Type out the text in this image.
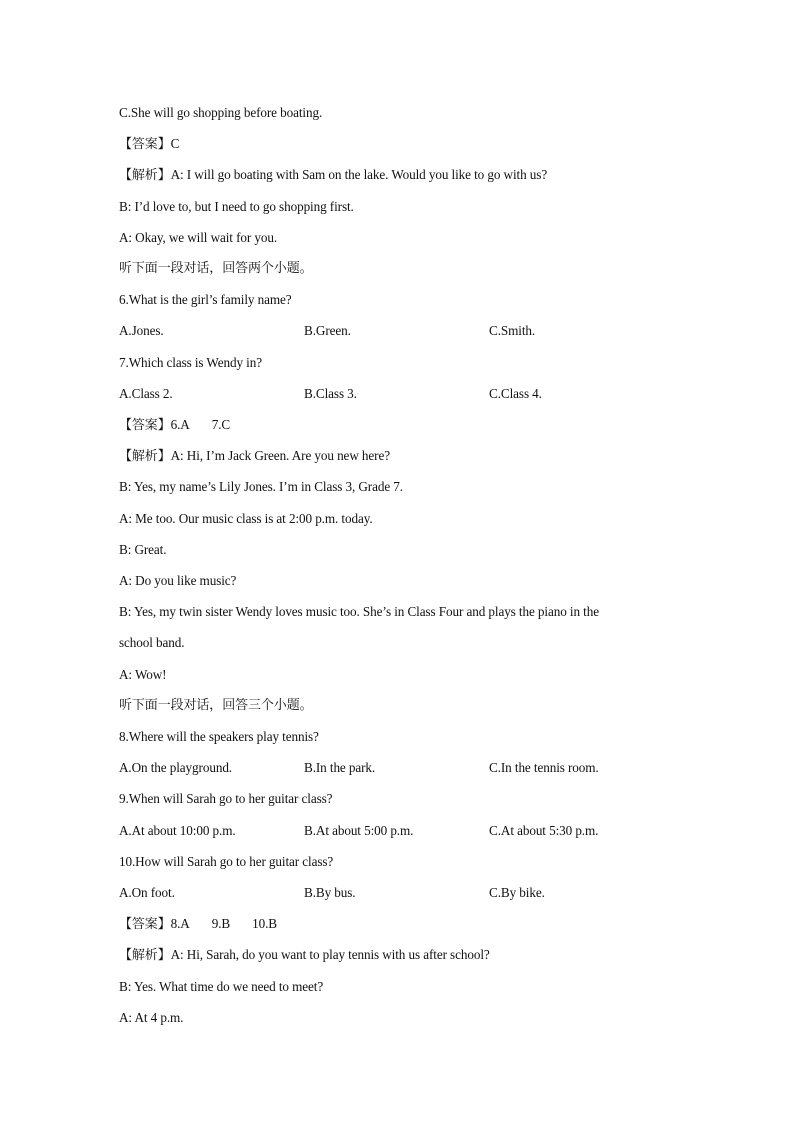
C.She will go shopping before boating.
【答案】C
【解析】A: I will go boating with Sam on the lake. Would you like to go with us?
B: I’d love to, but I need to go shopping first.
A: Okay, we will wait for you.
听下面一段对话，回答两个小题。
6.What is the girl’s family name?
A.Jones.	B.Green.	C.Smith.
7.Which class is Wendy in?
A.Class 2.	B.Class 3.	C.Class 4.
【答案】6.A 7.C
【解析】A: Hi, I’m Jack Green. Are you new here?
B: Yes, my name’s Lily Jones. I’m in Class 3, Grade 7.
A: Me too. Our music class is at 2:00 p.m. today.
B: Great.
A: Do you like music?
B: Yes, my twin sister Wendy loves music too. She’s in Class Four and plays the piano in the
school band.
A: Wow!
听下面一段对话，回答三个小题。
8.Where will the speakers play tennis?
A.On the playground.	B.In the park.	C.In the tennis room.
9.When will Sarah go to her guitar class?
A.At about 10:00 p.m.	B.At about 5:00 p.m.	C.At about 5:30 p.m.
10.How will Sarah go to her guitar class?
A.On foot.	B.By bus.	C.By bike.
【答案】8.A 9.B 10.B
【解析】A: Hi, Sarah, do you want to play tennis with us after school?
B: Yes. What time do we need to meet?
A: At 4 p.m.
